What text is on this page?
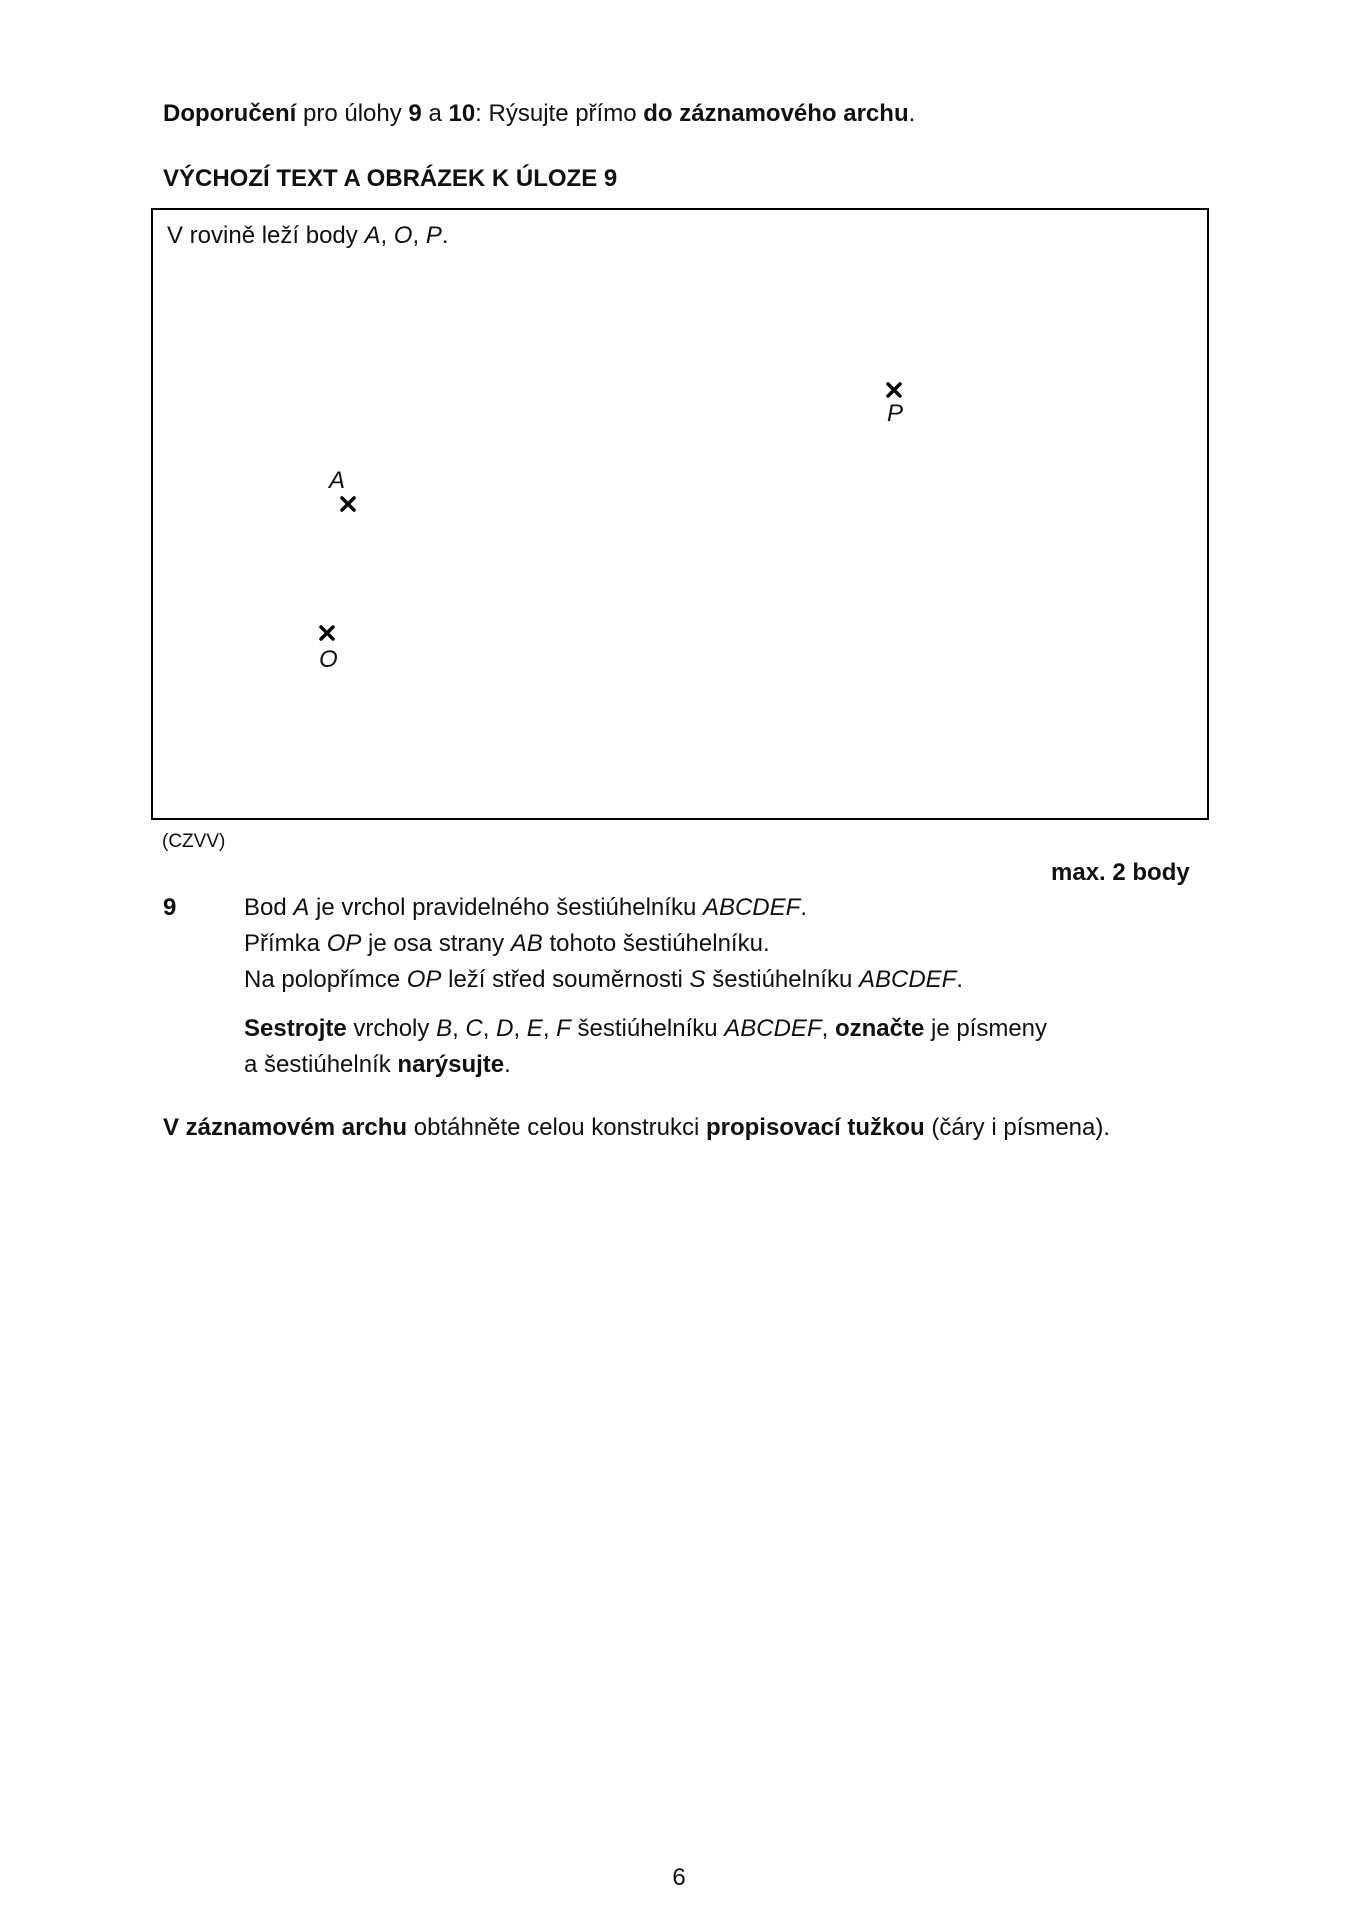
Doporučení pro úlohy 9 a 10: Rýsujte přímo do záznamového archu.
VÝCHOZÍ TEXT A OBRÁZEK K ÚLOZE 9
V rovině leží body A, O, P.
P
A
O
(CZVV)
max. 2 body
9	Bod A je vrchol pravidelného šestiúhelníku ABCDEF.
Přímka OP je osa strany AB tohoto šestiúhelníku.
Na polopřímce OP leží střed souměrnosti S šestiúhelníku ABCDEF.
Sestrojte vrcholy B, C, D, E, F šestiúhelníku ABCDEF, označte je písmeny
a šestiúhelník narýsujte.
V záznamovém archu obtáhněte celou konstrukci propisovací tužkou (čáry i písmena).
6
